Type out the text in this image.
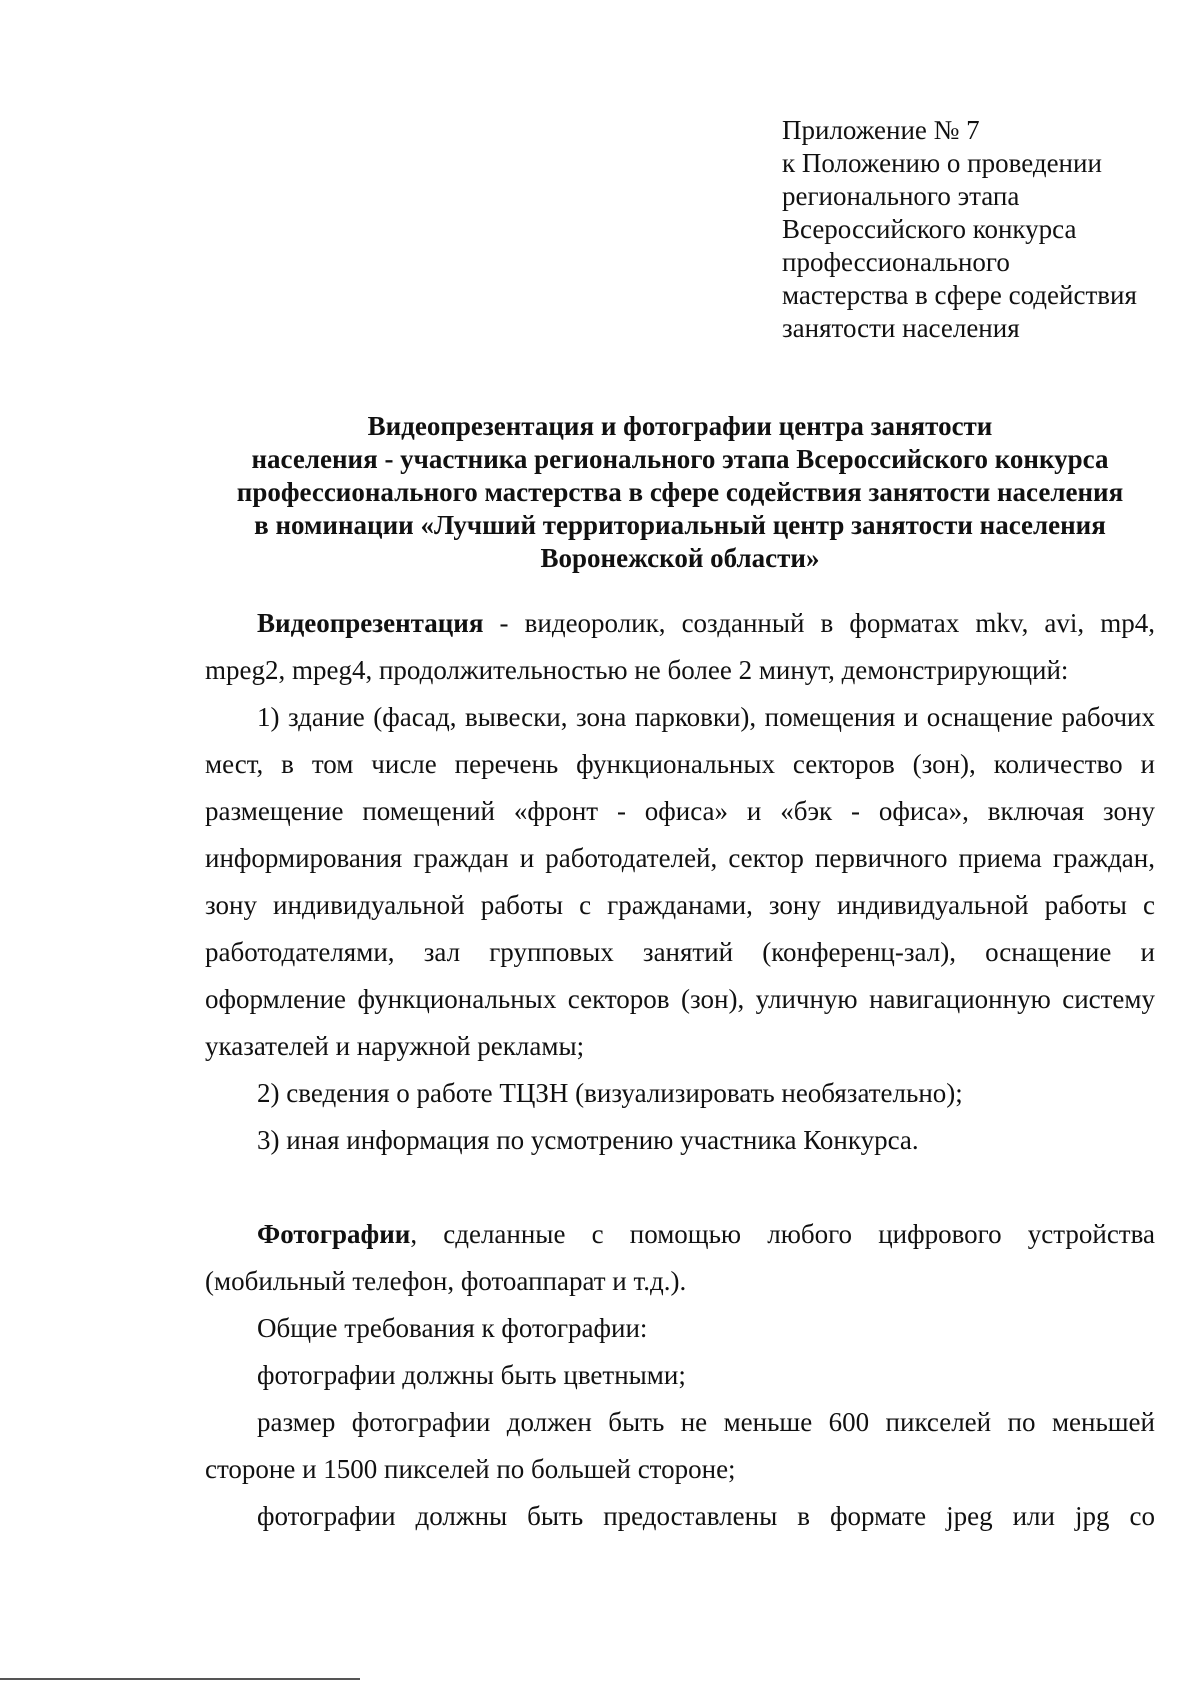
Приложение № 7
к Положению о проведении
регионального этапа
Всероссийского конкурса
профессионального
мастерства в сфере содействия
занятости населения
Видеопрезентация и фотографии центра занятости
населения - участника регионального этапа Всероссийского конкурса
профессионального мастерства в сфере содействия занятости населения
в номинации «Лучший территориальный центр занятости населения
Воронежской области»

Видеопрезентация - видеоролик, созданный в форматах mkv, avi, mp4, mpeg2, mpeg4, продолжительностью не более 2 минут, демонстрирующий:

1) здание (фасад, вывески, зона парковки), помещения и оснащение рабочих мест, в том числе перечень функциональных секторов (зон), количество и размещение помещений «фронт - офиса» и «бэк - офиса», включая зону информирования граждан и работодателей, сектор первичного приема граждан, зону индивидуальной работы с гражданами, зону индивидуальной работы с работодателями, зал групповых занятий (конференц-зал), оснащение и оформление функциональных секторов (зон), уличную навигационную систему указателей и наружной рекламы;

2) сведения о работе ТЦЗН (визуализировать необязательно);

3) иная информация по усмотрению участника Конкурса.

Фотографии, сделанные с помощью любого цифрового устройства (мобильный телефон, фотоаппарат и т.д.).

Общие требования к фотографии:

фотографии должны быть цветными;

размер фотографии должен быть не меньше 600 пикселей по меньшей стороне и 1500 пикселей по большей стороне;

фотографии должны быть предоставлены в формате jpeg или jpg со
